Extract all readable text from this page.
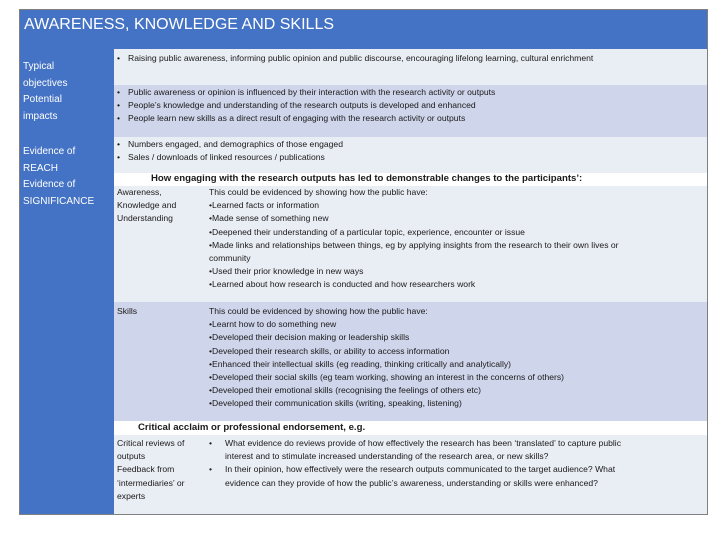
AWARENESS, KNOWLEDGE AND SKILLS
Typical
objectives
Potential
impacts
Evidence of
REACH
Evidence of
SIGNIFICANCE
• Raising public awareness, informing public opinion and public discourse, encouraging lifelong learning, cultural enrichment
• Public awareness or opinion is influenced by their interaction with the research activity or outputs
• People’s knowledge and understanding of the research outputs is developed and enhanced
• People learn new skills as a direct result of engaging with the research activity or outputs
• Numbers engaged, and demographics of those engaged
• Sales / downloads of linked resources / publications
How engaging with the research outputs has led to demonstrable changes to the participants’:
Awareness,
Knowledge and
Understanding
This could be evidenced by showing how the public have:
•Learned facts or information
•Made sense of something new
•Deepened their understanding of a particular topic, experience, encounter or issue
•Made links and relationships between things, eg by applying insights from the research to their own lives or
community
•Used their prior knowledge in new ways
•Learned about how research is conducted and how researchers work
Skills	This could be evidenced by showing how the public have:
•Learnt how to do something new
•Developed their decision making or leadership skills
•Developed their research skills, or ability to access information
•Enhanced their intellectual skills (eg reading, thinking critically and analytically)
•Developed their social skills (eg team working, showing an interest in the concerns of others)
•Developed their emotional skills (recognising the feelings of others etc)
•Developed their communication skills (writing, speaking, listening)
Critical acclaim or professional endorsement, e.g.
Critical reviews of
outputs
Feedback from
‘intermediaries’ or
experts
• What evidence do reviews provide of how effectively the research has been ‘translated’ to capture public
interest and to stimulate increased understanding of the research area, or new skills?
• In their opinion, how effectively were the research outputs communicated to the target audience? What
evidence can they provide of how the public’s awareness, understanding or skills were enhanced?
